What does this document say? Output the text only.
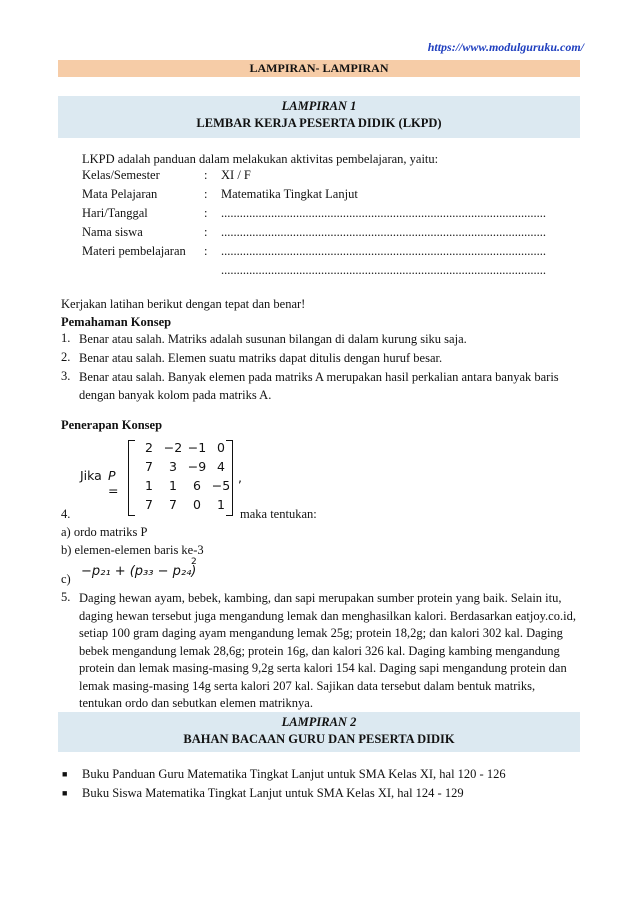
https://www.modulguruku.com/
LAMPIRAN- LAMPIRAN
LAMPIRAN 1
LEMBAR KERJA PESERTA DIDIK (LKPD)
LKPD adalah panduan dalam melakukan aktivitas pembelajaran, yaitu:
Kelas/Semester	: XI / F
Mata Pelajaran	: Matematika Tingkat Lanjut
Hari/Tanggal	: ........................................................................................................
Nama siswa	: ........................................................................................................
Materi pembelajaran : ........................................................................................................
........................................................................................................
Kerjakan latihan berikut dengan tepat dan benar!
Pemahaman Konsep
1. Benar atau salah. Matriks adalah susunan bilangan di dalam kurung siku saja.
2. Benar atau salah. Elemen suatu matriks dapat ditulis dengan huruf besar.
3. Benar atau salah. Banyak elemen pada matriks A merupakan hasil perkalian antara banyak baris dengan banyak kolom pada matriks A.
Penerapan Konsep
Jika P =
2 −2 −1 0
7	3 −9 4
1	1	6 −5
7	7	0	1
,
4.	maka tentukan:
a) ordo matriks P
b) elemen-elemen baris ke-3
c) −p₂₁ + (p₃₃ − p₂₄)
2
5. Daging hewan ayam, bebek, kambing, dan sapi merupakan sumber protein yang baik. Selain itu, daging hewan tersebut juga mengandung lemak dan menghasilkan kalori. Berdasarkan eatjoy.co.id, setiap 100 gram daging ayam mengandung lemak 25g; protein 18,2g; dan kalori 302 kal. Daging bebek mengandung lemak 28,6g; protein 16g, dan kalori 326 kal. Daging kambing mengandung protein dan lemak masing-masing 9,2g serta kalori 154 kal. Daging sapi mengandung protein dan lemak masing-masing 14g serta kalori 207 kal. Sajikan data tersebut dalam bentuk matriks, tentukan ordo dan sebutkan elemen matriknya.
LAMPIRAN 2
BAHAN BACAAN GURU DAN PESERTA DIDIK
■ Buku Panduan Guru Matematika Tingkat Lanjut untuk SMA Kelas XI, hal 120 - 126
■ Buku Siswa Matematika Tingkat Lanjut untuk SMA Kelas XI, hal 124 - 129
